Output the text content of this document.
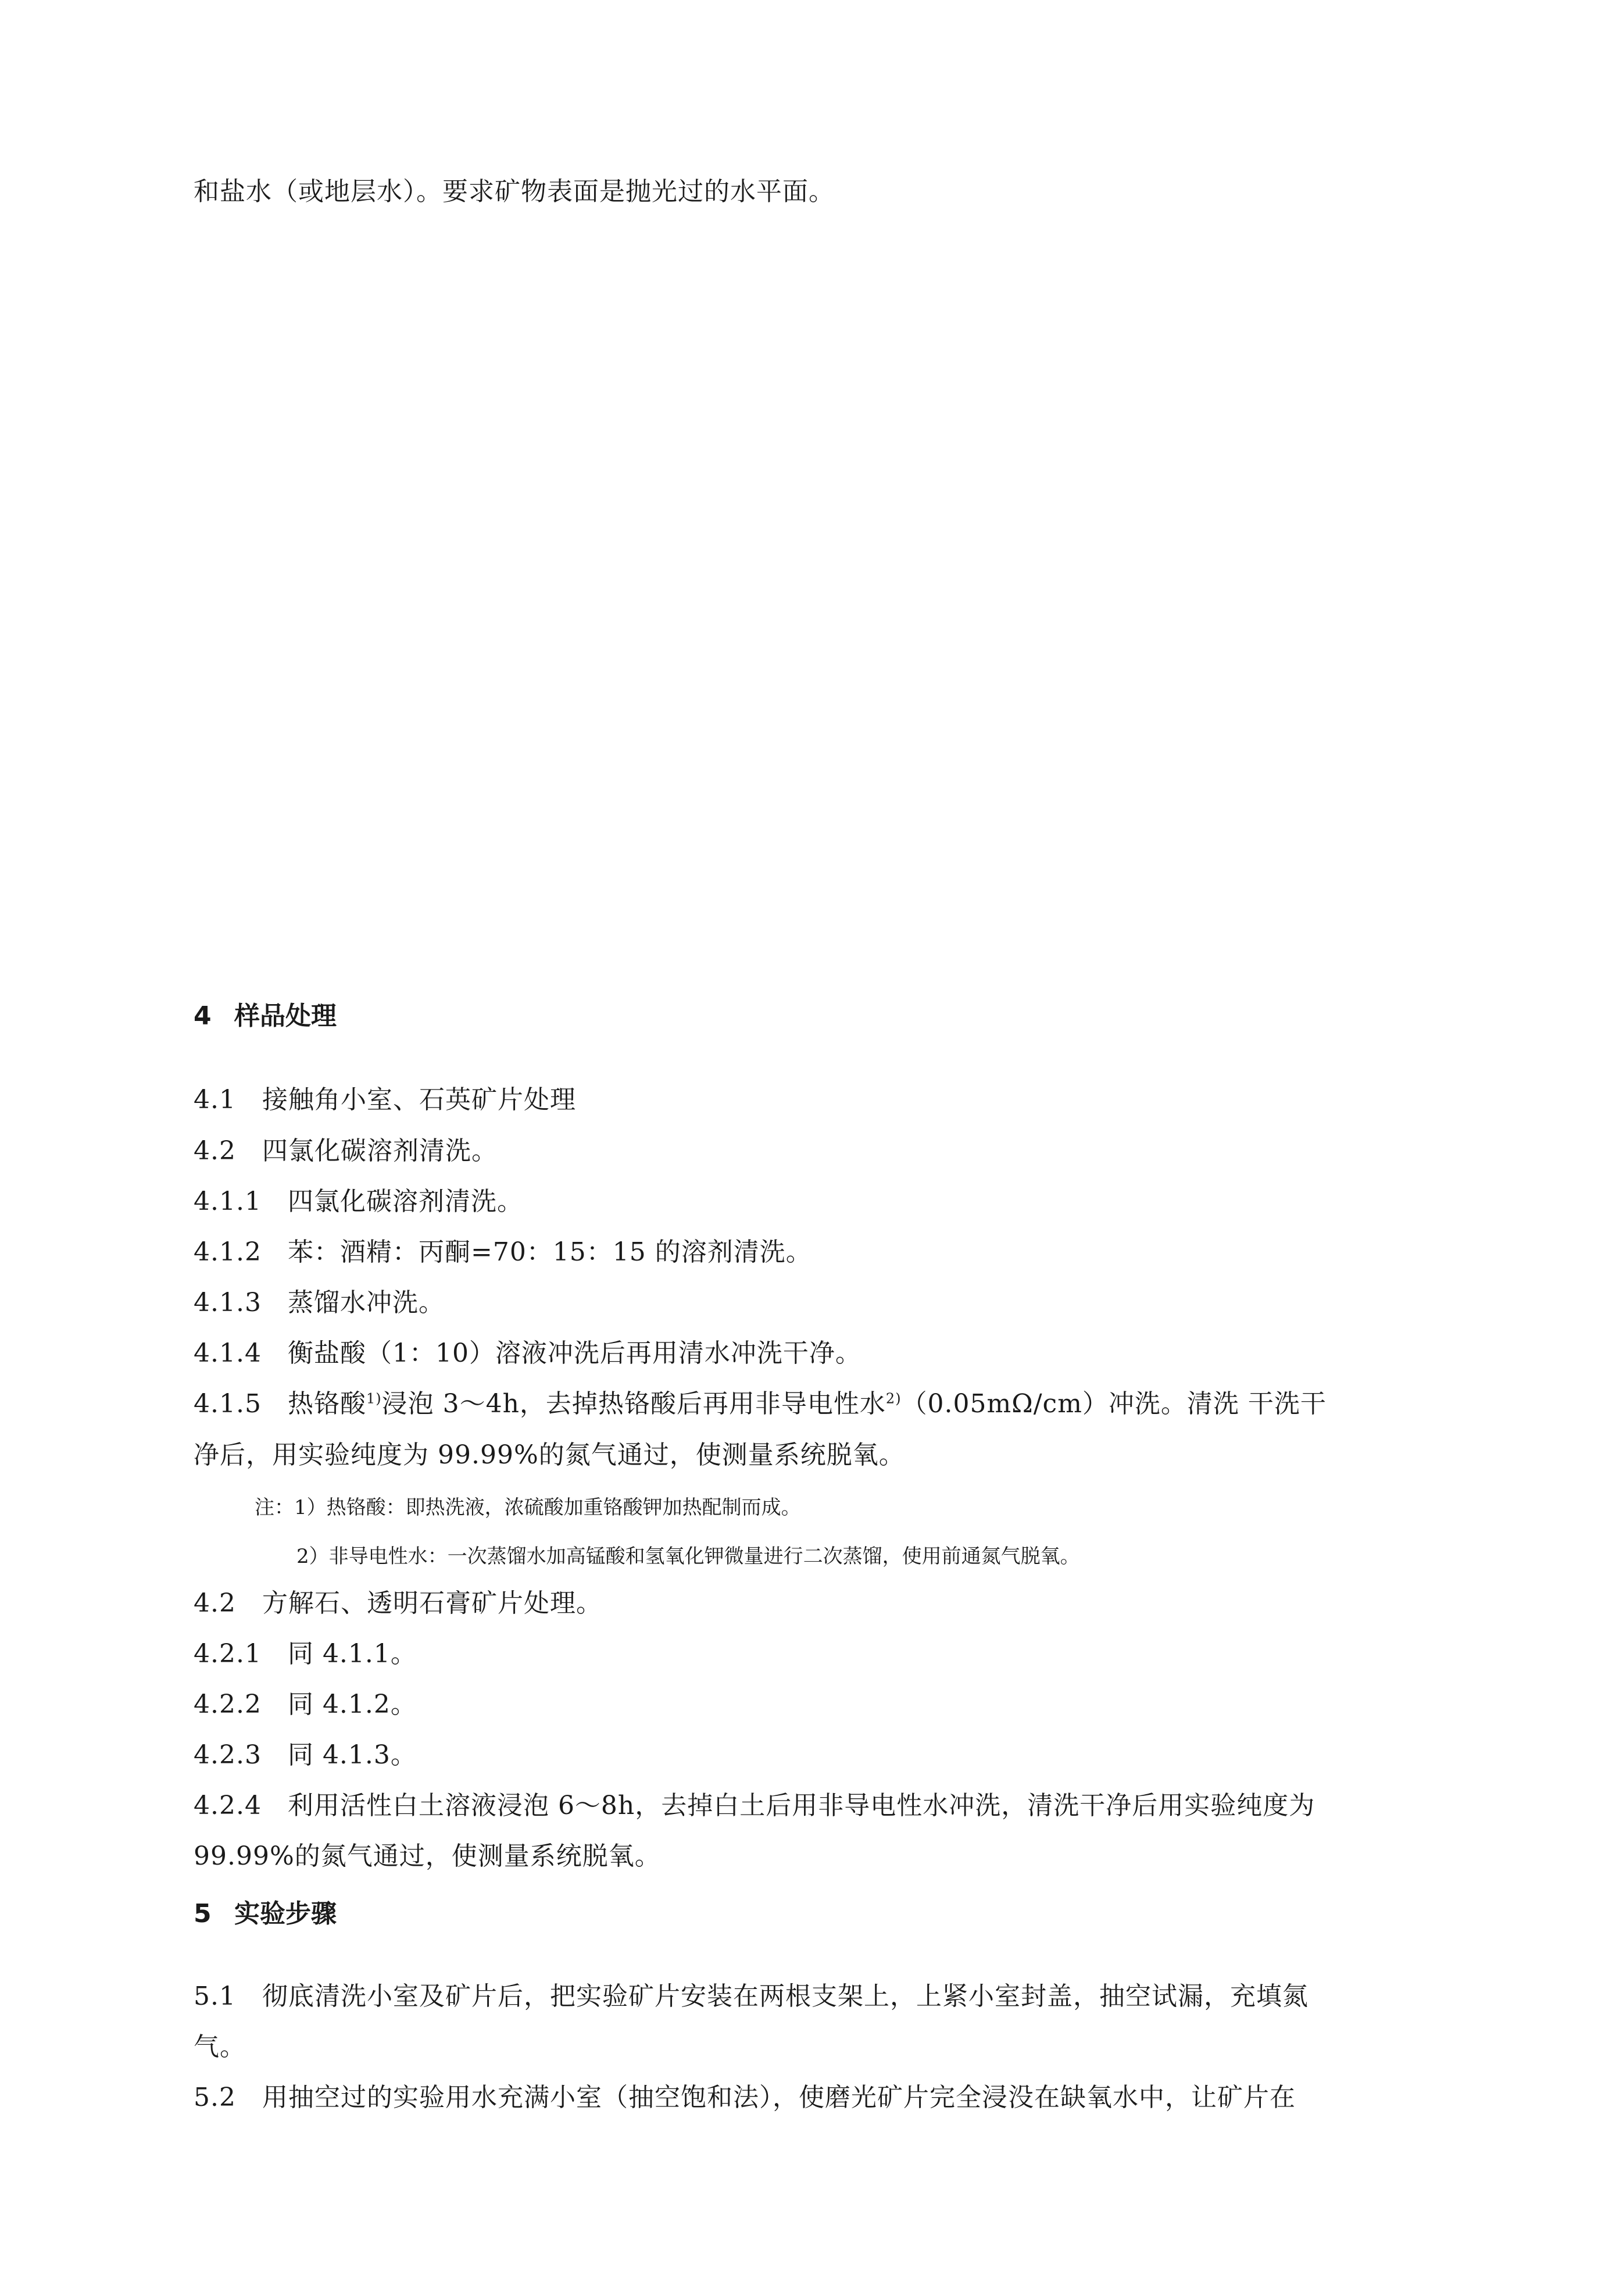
和盐水（或地层水）。要求矿物表面是抛光过的水平面。
4 样品处理
4.1　接触角小室、石英矿片处理
4.2　四氯化碳溶剂清洗。
4.1.1　四氯化碳溶剂清洗。
4.1.2　苯：酒精：丙酮=70：15：15 的溶剂清洗。
4.1.3　蒸馏水冲洗。
4.1.4　衡盐酸（1：10）溶液冲洗后再用清水冲洗干净。
4.1.5　热铬酸$^{1)}$浸泡 3～4h，去掉热铬酸后再用非导电性水$^{2)}$（0.05mΩ/cm）冲洗。清洗 干洗干
净后，用实验纯度为 99.99%的氮气通过，使测量系统脱氧。
注：1）热铬酸：即热洗液，浓硫酸加重铬酸钾加热配制而成。
2）非导电性水：一次蒸馏水加高锰酸和氢氧化钾微量进行二次蒸馏，使用前通氮气脱氧。
4.2　方解石、透明石膏矿片处理。
4.2.1　同 4.1.1。
4.2.2　同 4.1.2。
4.2.3　同 4.1.3。
4.2.4　利用活性白土溶液浸泡 6～8h，去掉白土后用非导电性水冲洗，清洗干净后用实验纯度为
99.99%的氮气通过，使测量系统脱氧。
5 实验步骤
5.1　彻底清洗小室及矿片后，把实验矿片安装在两根支架上，上紧小室封盖，抽空试漏，充填氮
气。
5.2　用抽空过的实验用水充满小室（抽空饱和法），使磨光矿片完全浸没在缺氧水中，让矿片在
